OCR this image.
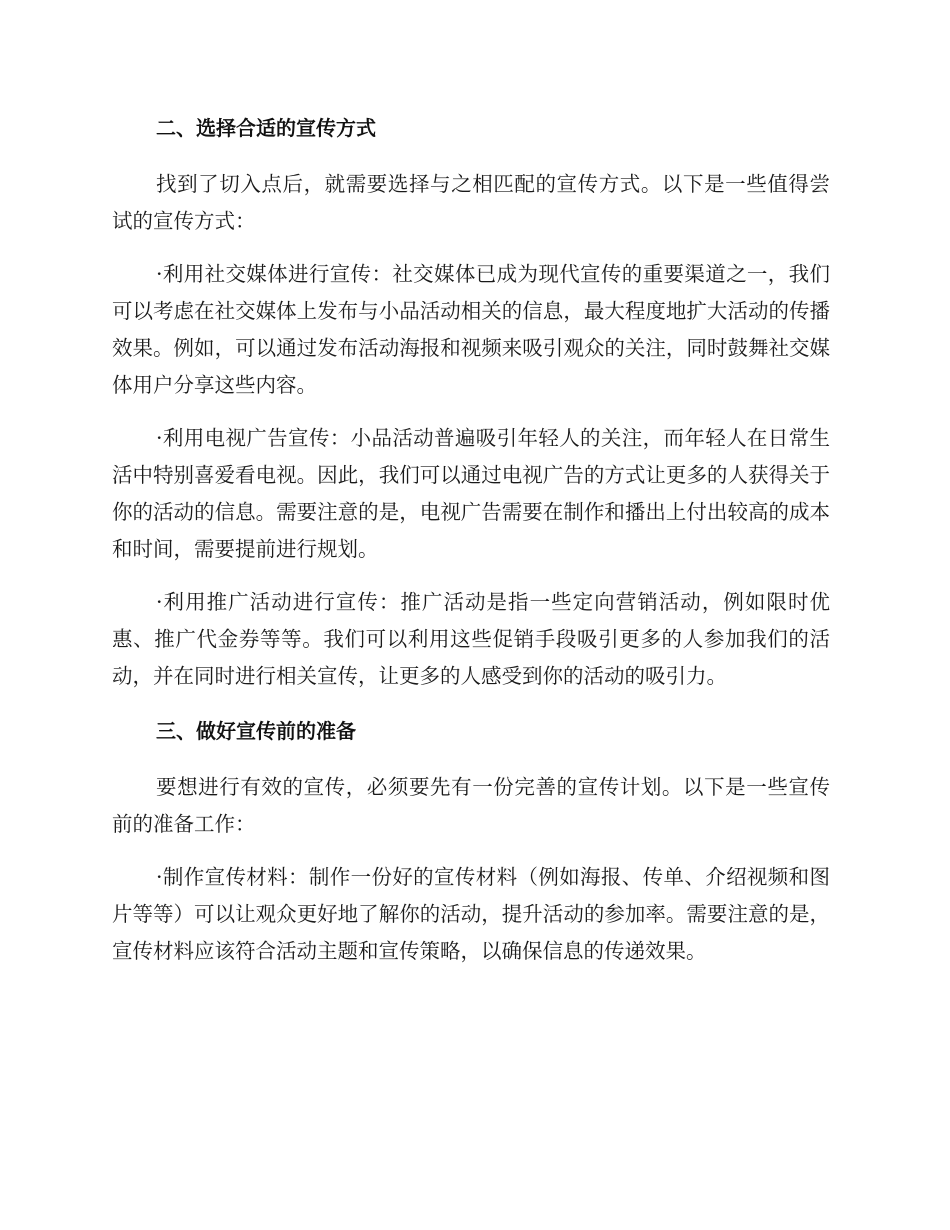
二、选择合适的宣传方式

找到了切入点后，就需要选择与之相匹配的宣传方式。以下是一些值得尝试的宣传方式：

·利用社交媒体进行宣传：社交媒体已成为现代宣传的重要渠道之一，我们可以考虑在社交媒体上发布与小品活动相关的信息，最大程度地扩大活动的传播效果。例如，可以通过发布活动海报和视频来吸引观众的关注，同时鼓舞社交媒体用户分享这些内容。

·利用电视广告宣传：小品活动普遍吸引年轻人的关注，而年轻人在日常生活中特别喜爱看电视。因此，我们可以通过电视广告的方式让更多的人获得关于你的活动的信息。需要注意的是，电视广告需要在制作和播出上付出较高的成本和时间，需要提前进行规划。

·利用推广活动进行宣传：推广活动是指一些定向营销活动，例如限时优惠、推广代金券等等。我们可以利用这些促销手段吸引更多的人参加我们的活动，并在同时进行相关宣传，让更多的人感受到你的活动的吸引力。

三、做好宣传前的准备

要想进行有效的宣传，必须要先有一份完善的宣传计划。以下是一些宣传前的准备工作：

·制作宣传材料：制作一份好的宣传材料（例如海报、传单、介绍视频和图片等等）可以让观众更好地了解你的活动，提升活动的参加率。需要注意的是，宣传材料应该符合活动主题和宣传策略，以确保信息的传递效果。
